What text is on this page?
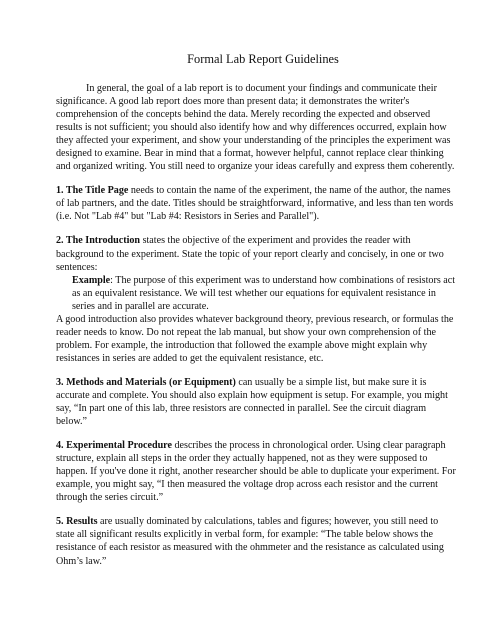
Formal Lab Report Guidelines

In general, the goal of a lab report is to document your findings and communicate their significance. A good lab report does more than present data; it demonstrates the writer's comprehension of the concepts behind the data. Merely recording the expected and observed results is not sufficient; you should also identify how and why differences occurred, explain how they affected your experiment, and show your understanding of the principles the experiment was designed to examine. Bear in mind that a format, however helpful, cannot replace clear thinking and organized writing. You still need to organize your ideas carefully and express them coherently.

1. The Title Page needs to contain the name of the experiment, the name of the author, the names of lab partners, and the date. Titles should be straightforward, informative, and less than ten words (i.e. Not "Lab #4" but "Lab #4: Resistors in Series and Parallel").

2. The Introduction states the objective of the experiment and provides the reader with background to the experiment. State the topic of your report clearly and concisely, in one or two sentences:

Example: The purpose of this experiment was to understand how combinations of resistors act as an equivalent resistance. We will test whether our equations for equivalent resistance in series and in parallel are accurate.

A good introduction also provides whatever background theory, previous research, or formulas the reader needs to know. Do not repeat the lab manual, but show your own comprehension of the problem. For example, the introduction that followed the example above might explain why resistances in series are added to get the equivalent resistance, etc.

3. Methods and Materials (or Equipment) can usually be a simple list, but make sure it is accurate and complete. You should also explain how equipment is setup. For example, you might say, “In part one of this lab, three resistors are connected in parallel. See the circuit diagram below.”

4. Experimental Procedure describes the process in chronological order. Using clear paragraph structure, explain all steps in the order they actually happened, not as they were supposed to happen. If you've done it right, another researcher should be able to duplicate your experiment. For example, you might say, “I then measured the voltage drop across each resistor and the current through the series circuit.”

5. Results are usually dominated by calculations, tables and figures; however, you still need to state all significant results explicitly in verbal form, for example: “The table below shows the resistance of each resistor as measured with the ohmmeter and the resistance as calculated using Ohm’s law.”
